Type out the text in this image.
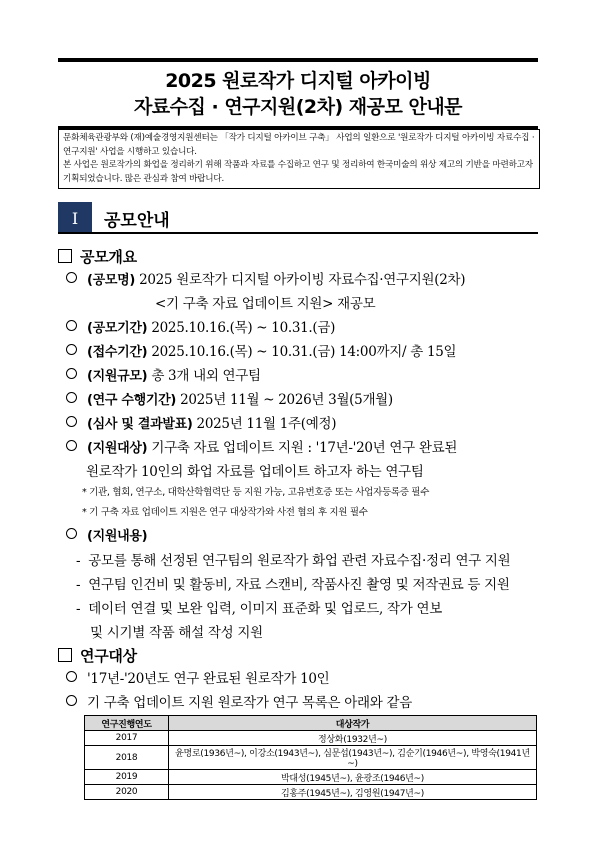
2025 원로작가 디지털 아카이빙
자료수집 · 연구지원(2차) 재공모 안내문
문화체육관광부와 (재)예술경영지원센터는 「작가 디지털 아카이브 구축」 사업의 일환으로 '원로작가 디지털 아카이빙 자료수집 · 연구지원' 사업을 시행하고 있습니다.
본 사업은 원로작가의 화업을 정리하기 위해 작품과 자료를 수집하고 연구 및 정리하여 한국미술의 위상 제고의 기반을 마련하고자 기획되었습니다. 많은 관심과 참여 바랍니다.
Ⅰ	공모안내
공모개요
(공모명) 2025 원로작가 디지털 아카이빙 자료수집·연구지원(2차)
<기 구축 자료 업데이트 지원> 재공모
(공모기간) 2025.10.16.(목) ~ 10.31.(금)
(접수기간) 2025.10.16.(목) ~ 10.31.(금) 14:00까지/ 총 15일
(지원규모) 총 3개 내외 연구팀
(연구 수행기간) 2025년 11월 ~ 2026년 3월(5개월)
(심사 및 결과발표) 2025년 11월 1주(예정)
(지원대상) 기구축 자료 업데이트 지원 : '17년-'20년 연구 완료된
원로작가 10인의 화업 자료를 업데이트 하고자 하는 연구팀
* 기관, 협회, 연구소, 대학산학협력단 등 지원 가능, 고유번호증 또는 사업자등록증 필수
* 기 구축 자료 업데이트 지원은 연구 대상작가와 사전 협의 후 지원 필수
(지원내용)
- 공모를 통해 선정된 연구팀의 원로작가 화업 관련 자료수집·정리 연구 지원
- 연구팀 인건비 및 활동비, 자료 스캔비, 작품사진 촬영 및 저작권료 등 지원
- 데이터 연결 및 보완 입력, 이미지 표준화 및 업로드, 작가 연보
및 시기별 작품 해설 작성 지원
연구대상
'17년-'20년도 연구 완료된 원로작가 10인
기 구축 업데이트 지원 원로작가 연구 목록은 아래와 같음
연구진행연도	대상작가
2017	정상화(1932년~)
2018	윤명로(1936년~), 이강소(1943년~), 심문섭(1943년~), 김순기(1946년~), 박영숙(1941년~)
2019	박대성(1945년~), 윤광조(1946년~)
2020	김홍주(1945년~), 김영원(1947년~)
